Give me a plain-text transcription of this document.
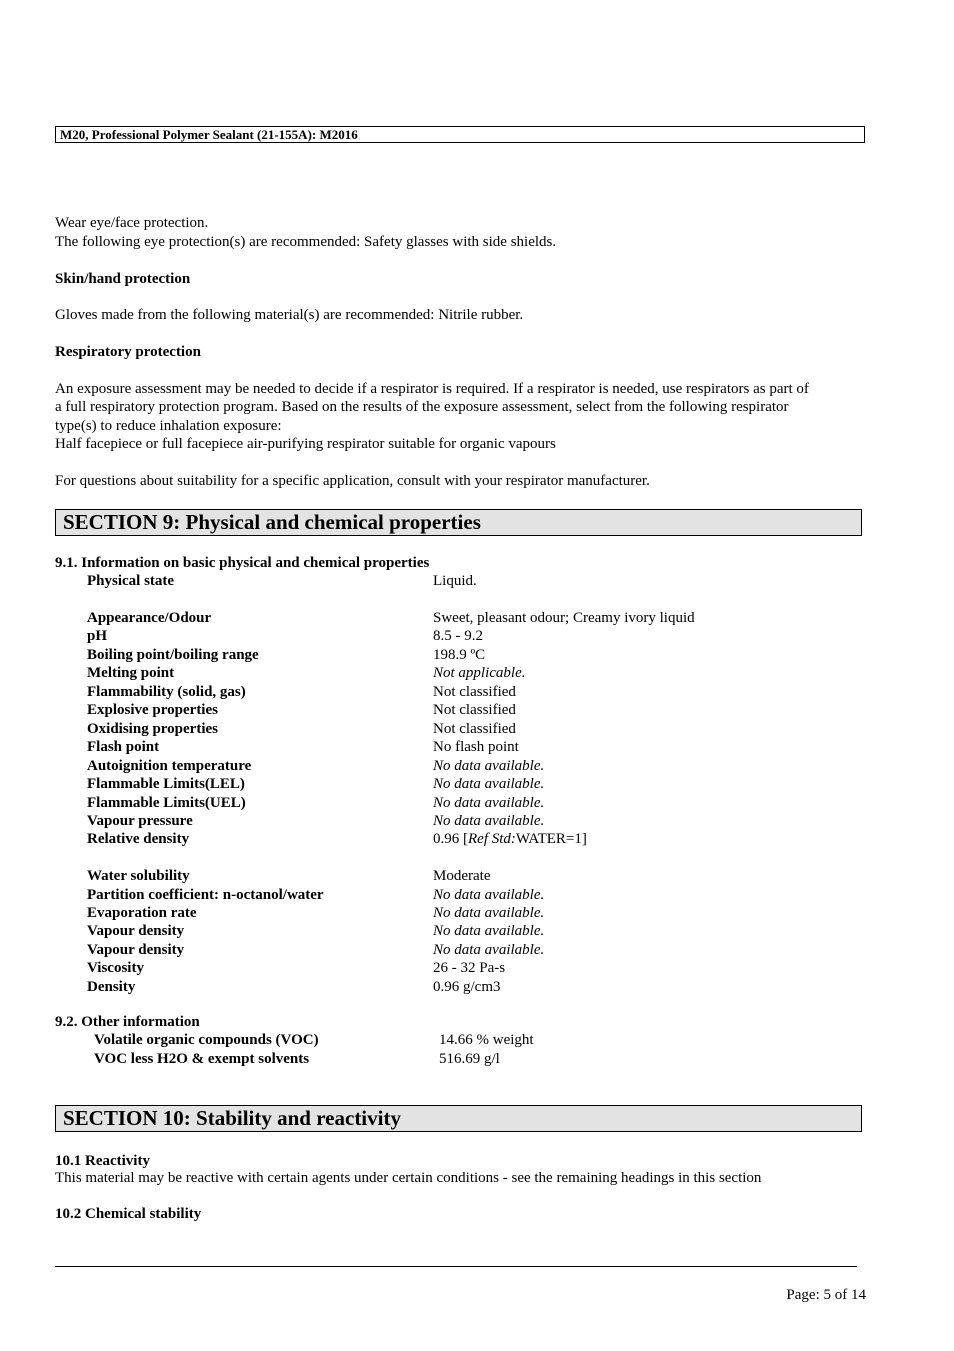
M20, Professional Polymer Sealant (21-155A): M2016
Wear eye/face protection.
The following eye protection(s) are recommended: Safety glasses with side shields.
Skin/hand protection
Gloves made from the following material(s) are recommended: Nitrile rubber.
Respiratory protection
An exposure assessment may be needed to decide if a respirator is required. If a respirator is needed, use respirators as part of
a full respiratory protection program. Based on the results of the exposure assessment, select from the following respirator
type(s) to reduce inhalation exposure:
Half facepiece or full facepiece air-purifying respirator suitable for organic vapours
For questions about suitability for a specific application, consult with your respirator manufacturer.
SECTION 9: Physical and chemical properties
9.1. Information on basic physical and chemical properties
Physical state	Liquid.
Appearance/Odour	Sweet, pleasant odour; Creamy ivory liquid
pH	8.5 - 9.2
Boiling point/boiling range	198.9 ºC
Melting point	Not applicable.
Flammability (solid, gas)	Not classified
Explosive properties	Not classified
Oxidising properties	Not classified
Flash point	No flash point
Autoignition temperature	No data available.
Flammable Limits(LEL)	No data available.
Flammable Limits(UEL)	No data available.
Vapour pressure	No data available.
Relative density	0.96 [Ref Std:WATER=1]
Water solubility	Moderate
Partition coefficient: n-octanol/water	No data available.
Evaporation rate	No data available.
Vapour density	No data available.
Vapour density	No data available.
Viscosity	26 - 32 Pa-s
Density	0.96 g/cm3
9.2. Other information
Volatile organic compounds (VOC)	14.66 % weight
VOC less H2O & exempt solvents	516.69 g/l
SECTION 10: Stability and reactivity
10.1 Reactivity
This material may be reactive with certain agents under certain conditions - see the remaining headings in this section
10.2 Chemical stability
Page: 5 of 14
